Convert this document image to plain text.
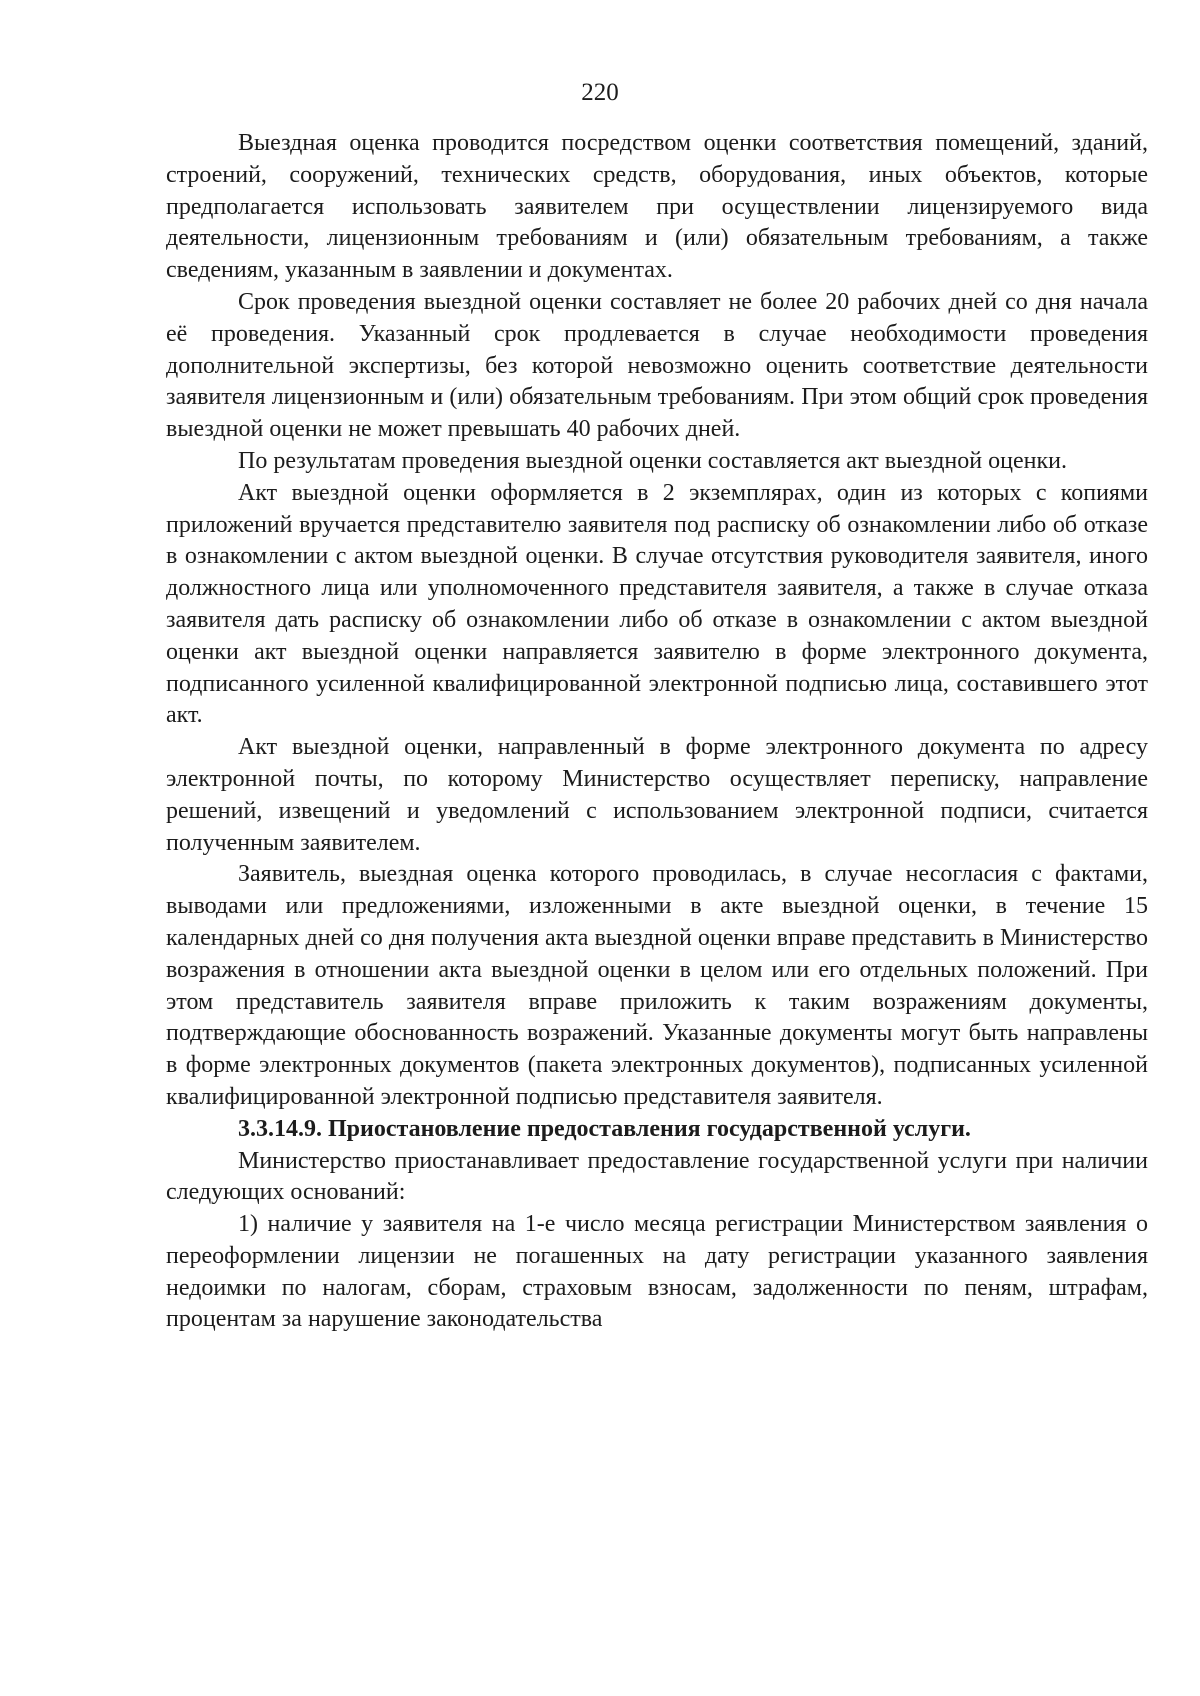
220

Выездная оценка проводится посредством оценки соответствия помещений, зданий, строений, сооружений, технических средств, оборудования, иных объектов, которые предполагается использовать заявителем при осуществлении лицензируемого вида деятельности, лицензионным требованиям и (или) обязательным требованиям, а также сведениям, указанным в заявлении и документах.

Срок проведения выездной оценки составляет не более 20 рабочих дней со дня начала её проведения. Указанный срок продлевается в случае необходимости проведения дополнительной экспертизы, без которой невозможно оценить соответствие деятельности заявителя лицензионным и (или) обязательным требованиям. При этом общий срок проведения выездной оценки не может превышать 40 рабочих дней.

По результатам проведения выездной оценки составляется акт выездной оценки.

Акт выездной оценки оформляется в 2 экземплярах, один из которых с копиями приложений вручается представителю заявителя под расписку об ознакомлении либо об отказе в ознакомлении с актом выездной оценки. В случае отсутствия руководителя заявителя, иного должностного лица или уполномоченного представителя заявителя, а также в случае отказа заявителя дать расписку об ознакомлении либо об отказе в ознакомлении с актом выездной оценки акт выездной оценки направляется заявителю в форме электронного документа, подписанного усиленной квалифицированной электронной подписью лица, составившего этот акт.

Акт выездной оценки, направленный в форме электронного документа по адресу электронной почты, по которому Министерство осуществляет переписку, направление решений, извещений и уведомлений с использованием электронной подписи, считается полученным заявителем.

Заявитель, выездная оценка которого проводилась, в случае несогласия с фактами, выводами или предложениями, изложенными в акте выездной оценки, в течение 15 календарных дней со дня получения акта выездной оценки вправе представить в Министерство возражения в отношении акта выездной оценки в целом или его отдельных положений. При этом представитель заявителя вправе приложить к таким возражениям документы, подтверждающие обоснованность возражений. Указанные документы могут быть направлены в форме электронных документов (пакета электронных документов), подписанных усиленной квалифицированной электронной подписью представителя заявителя.

3.3.14.9. Приостановление предоставления государственной услуги.

Министерство приостанавливает предоставление государственной услуги при наличии следующих оснований:

1) наличие у заявителя на 1-е число месяца регистрации Министерством заявления о переоформлении лицензии не погашенных на дату регистрации указанного заявления недоимки по налогам, сборам, страховым взносам, задолженности по пеням, штрафам, процентам за нарушение законодательства
